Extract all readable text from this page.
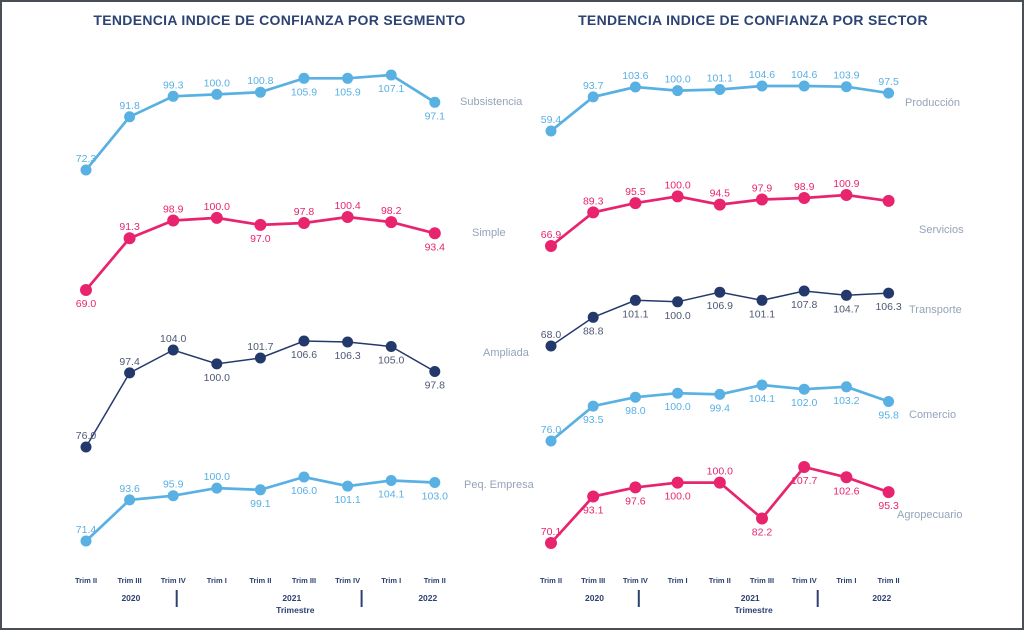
TENDENCIA INDICE DE CONFIANZA POR SEGMENTO	TENDENCIA INDICE DE CONFIANZA POR SECTOR
Trim II	Trim III	Trim IV	Trim I	Trim II	Trim III	Trim IV	Trim I	Trim II
2020	2021	2022
Trimestre
72.3
91.8
99.3 100.0 100.8
105.9 105.9 107.1
97.1
Subsistencia
69.0
91.3
98.9 100.0
97.0
97.8 100.4 98.2
93.4
Simple
76.0
97.4
104.0
100.0
101.7
106.6 106.3 105.0
97.8
Ampliada
71.4
93.6 95.9
100.0
99.1
106.0
101.1 104.1 103.0
Peq. Empresa
Trim II	Trim III Trim IV	Trim I	Trim II	Trim III Trim IV	Trim I	Trim II
2020	2021	2022
Trimestre
59.4
93.7
103.6 100.0 101.1 104.6 104.6 103.9
97.5
Producción
66.9
89.3
95.5
100.0
94.5 97.9 98.9 100.9
Servicios
68.0 88.8
101.1 100.0
106.9
101.1
107.8 104.7 106.3 Transporte
76.0
93.5
98.0 100.0 99.4
104.1 102.0 103.2
95.8 Comercio
70.1
93.1
97.6 100.0
100.0
82.2
107.7
102.6
95.3
Agropecuario
